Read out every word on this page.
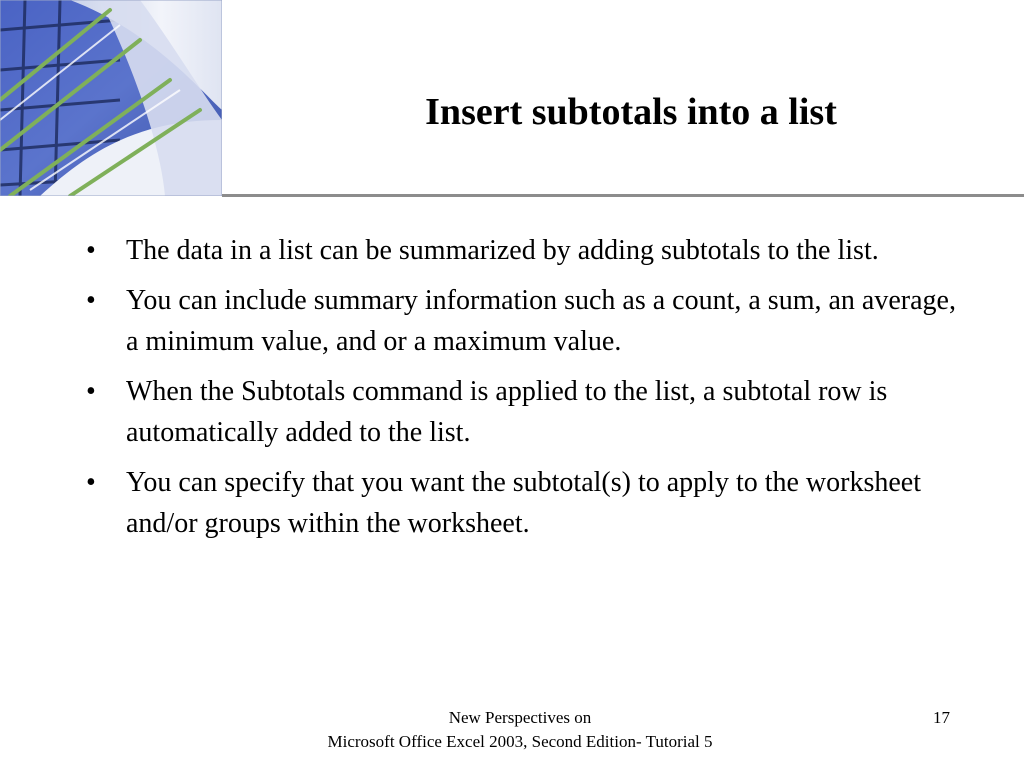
Insert subtotals into a list
• The data in a list can be summarized by adding subtotals to the list.
• You can include summary information such as a count, a sum, an average, a minimum value, and or a maximum value.
• When the Subtotals command is applied to the list, a subtotal row is automatically added to the list.
• You can specify that you want the subtotal(s) to apply to the worksheet and/or groups within the worksheet.
New Perspectives on
Microsoft Office Excel 2003, Second Edition- Tutorial 5
17
